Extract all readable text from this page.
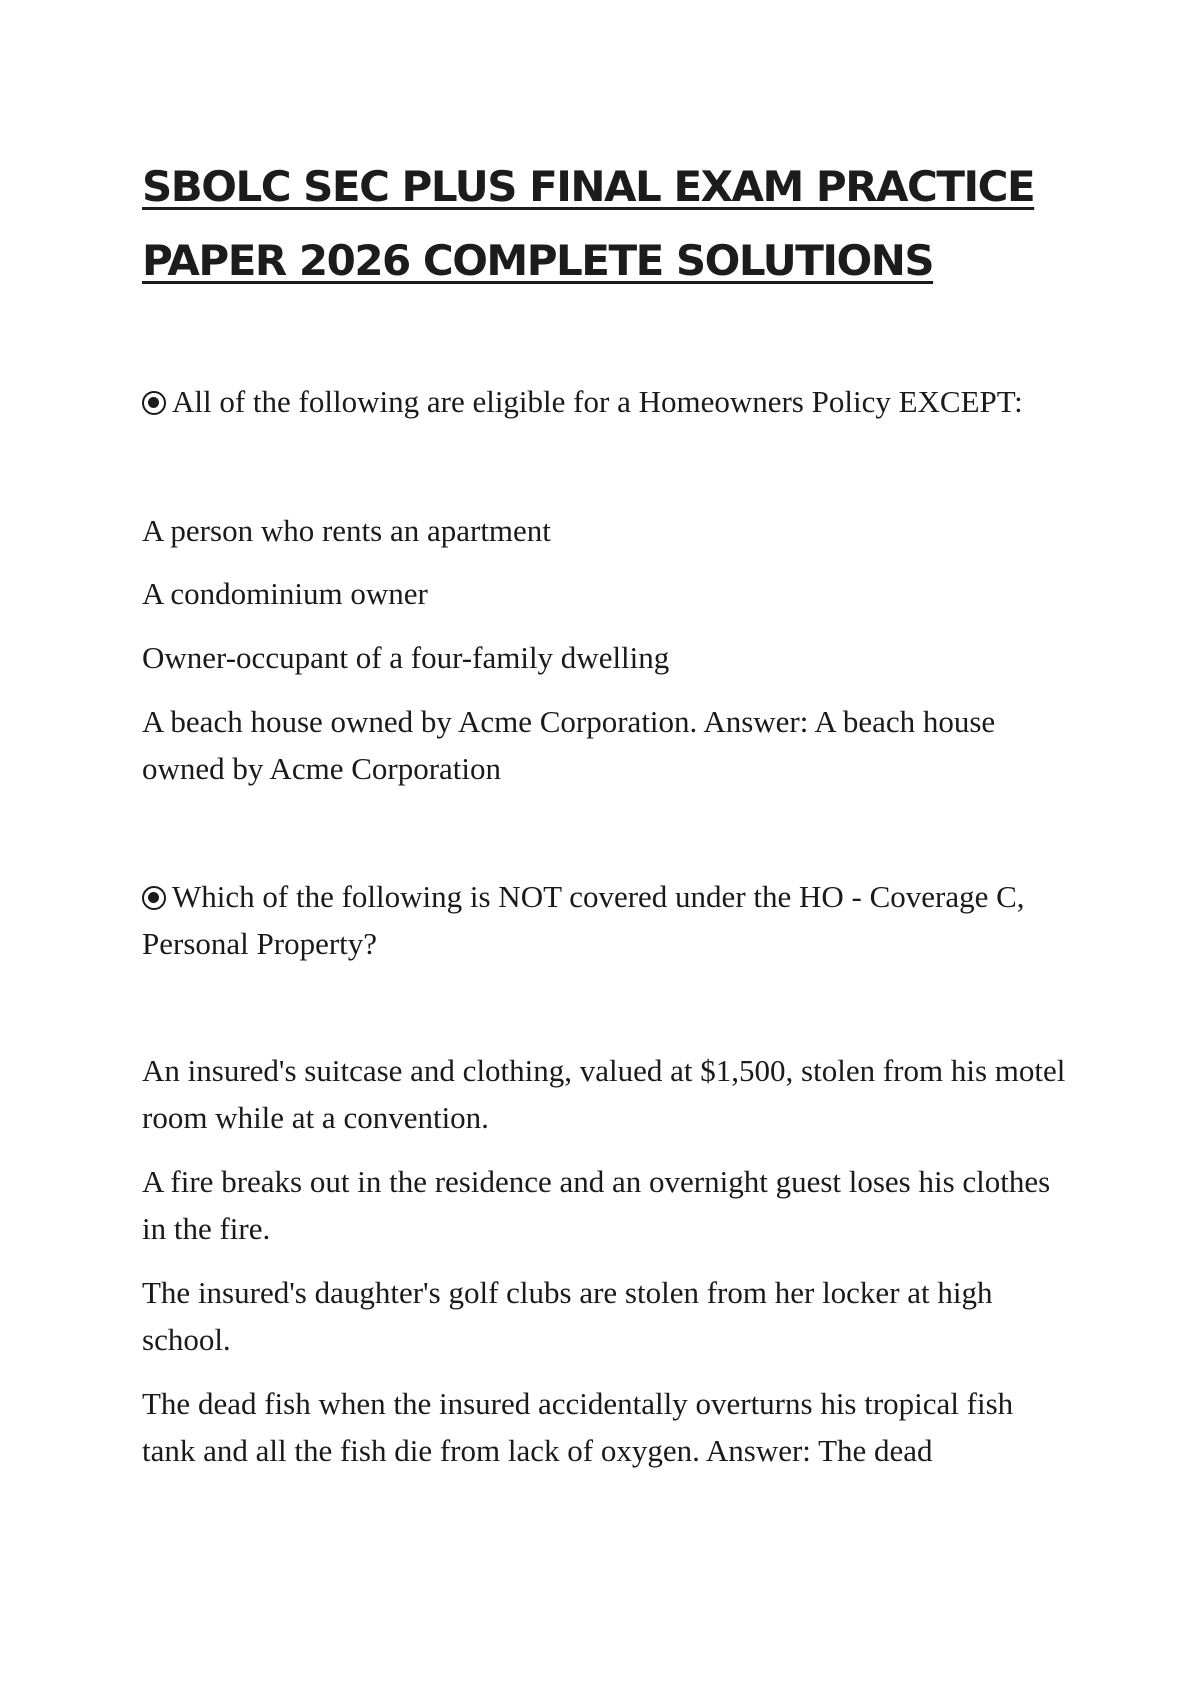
SBOLC SEC PLUS FINAL EXAM PRACTICE
PAPER 2026 COMPLETE SOLUTIONS

All of the following are eligible for a Homeowners Policy EXCEPT:

A person who rents an apartment

A condominium owner

Owner-occupant of a four-family dwelling

A beach house owned by Acme Corporation. Answer: A beach house owned by Acme Corporation

Which of the following is NOT covered under the HO - Coverage C, Personal Property?

An insured's suitcase and clothing, valued at $1,500, stolen from his motel room while at a convention.

A fire breaks out in the residence and an overnight guest loses his clothes in the fire.

The insured's daughter's golf clubs are stolen from her locker at high school.

The dead fish when the insured accidentally overturns his tropical fish tank and all the fish die from lack of oxygen. Answer: The dead
